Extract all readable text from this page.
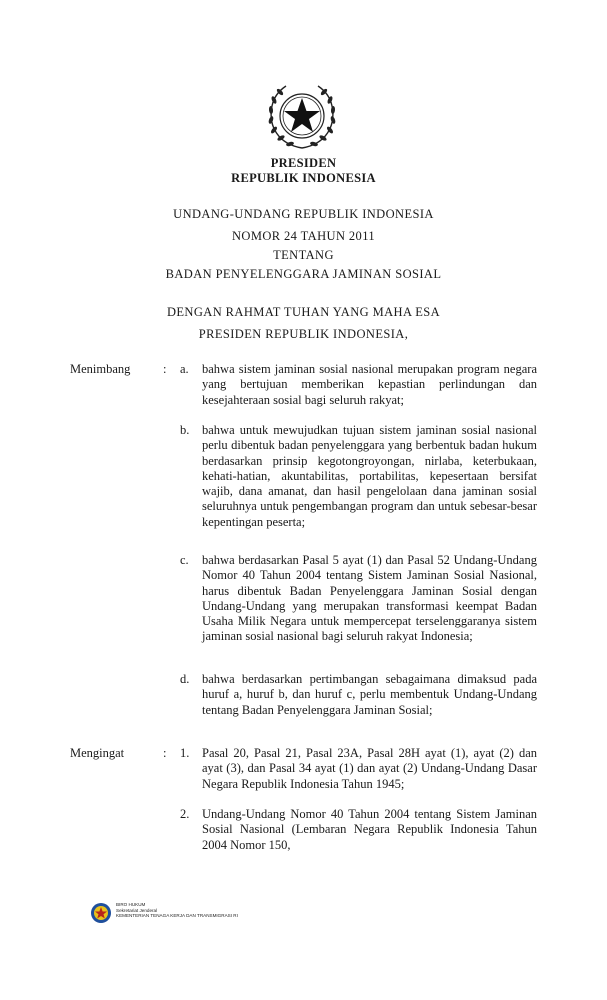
PRESIDEN
REPUBLIK INDONESIA
UNDANG-UNDANG REPUBLIK INDONESIA
NOMOR 24 TAHUN 2011
TENTANG
BADAN PENYELENGGARA JAMINAN SOSIAL
DENGAN RAHMAT TUHAN YANG MAHA ESA
PRESIDEN REPUBLIK INDONESIA,
Menimbang	: a. bahwa sistem jaminan sosial nasional merupakan program negara yang bertujuan memberikan kepastian perlindungan dan kesejahteraan sosial bagi seluruh rakyat;
b. bahwa untuk mewujudkan tujuan sistem jaminan sosial nasional perlu dibentuk badan penyelenggara yang berbentuk badan hukum berdasarkan prinsip kegotongroyongan, nirlaba, keterbukaan, kehati-hatian, akuntabilitas, portabilitas, kepesertaan bersifat wajib, dana amanat, dan hasil pengelolaan dana jaminan sosial seluruhnya untuk pengembangan program dan untuk sebesar-besar kepentingan peserta;
c. bahwa berdasarkan Pasal 5 ayat (1) dan Pasal 52 Undang-Undang Nomor 40 Tahun 2004 tentang Sistem Jaminan Sosial Nasional, harus dibentuk Badan Penyelenggara Jaminan Sosial dengan Undang-Undang yang merupakan transformasi keempat Badan Usaha Milik Negara untuk mempercepat terselenggaranya sistem jaminan sosial nasional bagi seluruh rakyat Indonesia;
d. bahwa berdasarkan pertimbangan sebagaimana dimaksud pada huruf a, huruf b, dan huruf c, perlu membentuk Undang-Undang tentang Badan Penyelenggara Jaminan Sosial;
Mengingat	: 1. Pasal 20, Pasal 21, Pasal 23A, Pasal 28H ayat (1), ayat (2) dan ayat (3), dan Pasal 34 ayat (1) dan ayat (2) Undang-Undang Dasar Negara Republik Indonesia Tahun 1945;
2. Undang-Undang Nomor 40 Tahun 2004 tentang Sistem Jaminan Sosial Nasional (Lembaran Negara Republik Indonesia Tahun 2004 Nomor 150,
BIRO HUKUM
Sekretariat Jenderal
KEMENTERIAN TENAGA KERJA DAN TRANSMIGRASI RI
